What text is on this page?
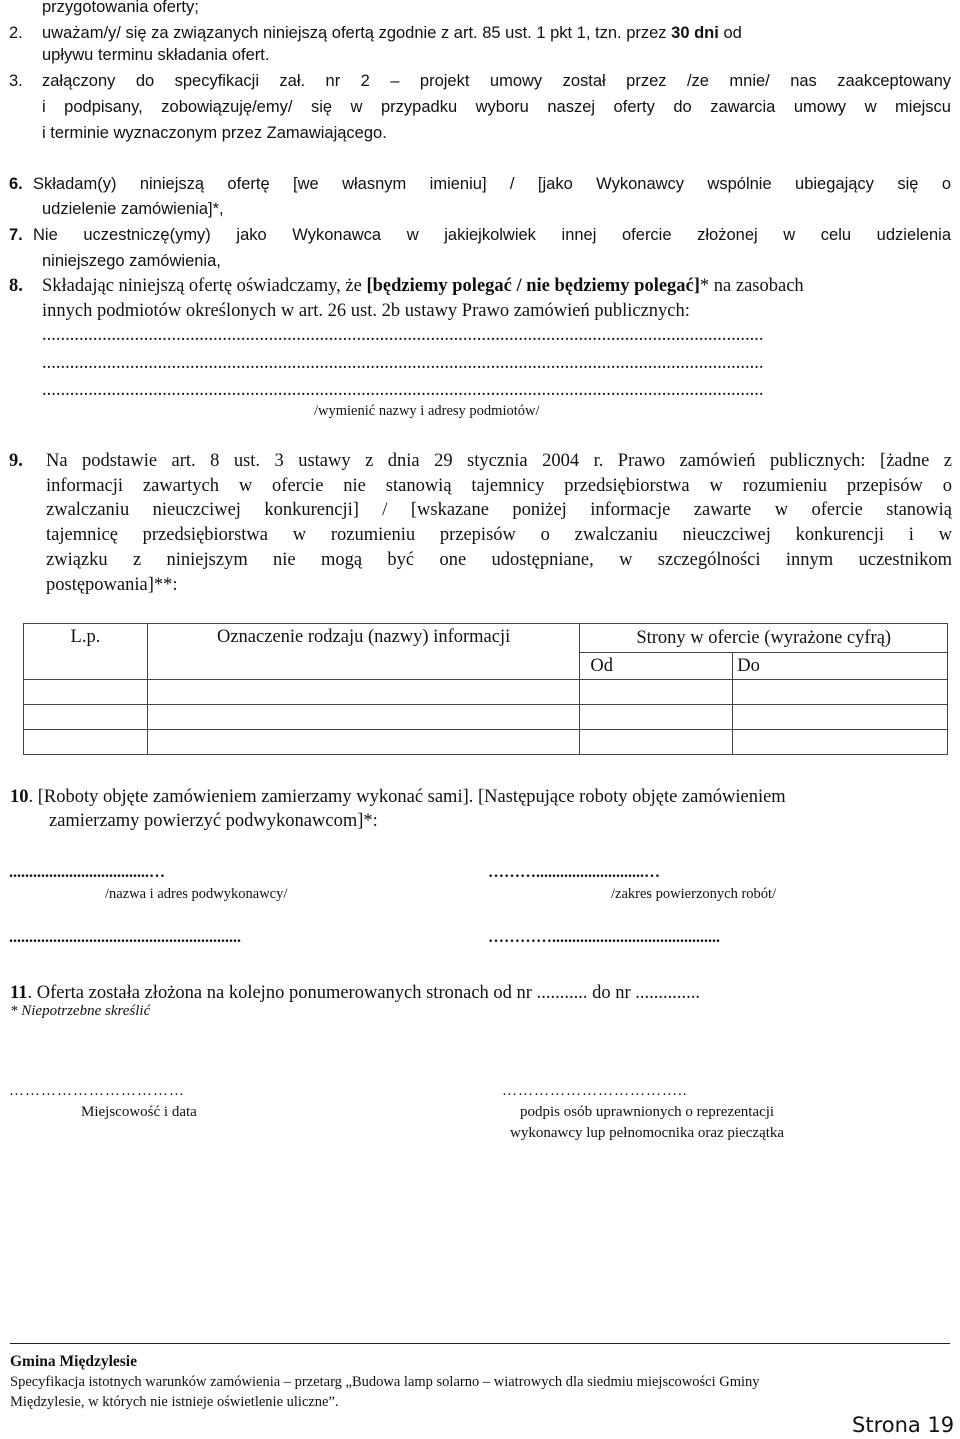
przygotowania oferty;
2.	uważam/y/ się za związanych niniejszą ofertą zgodnie z art. 85 ust. 1 pkt 1, tzn. przez 30 dni od
upływu terminu składania ofert.
3. załączony do specyfikacji zał. nr 2 – projekt umowy został przez /ze mnie/ nas zaakceptowany
i podpisany, zobowiązuję/emy/ się w przypadku wyboru naszej oferty do zawarcia umowy w miejscu
i terminie wyznaczonym przez Zamawiającego.
6. Składam(y) niniejszą ofertę [we własnym imieniu] / [jako Wykonawcy wspólnie ubiegający się o
udzielenie zamówienia]*,
7. Nie uczestniczę(ymy) jako Wykonawca w jakiejkolwiek innej ofercie złożonej w celu udzielenia
niniejszego zamówienia,
8. Składając niniejszą ofertę oświadczamy, że [będziemy polegać / nie będziemy polegać]* na zasobach
innych podmiotów określonych w art. 26 ust. 2b ustawy Prawo zamówień publicznych:
............................................................................................................................................................
............................................................................................................................................................
............................................................................................................................................................
/wymienić nazwy i adresy podmiotów/
9. Na podstawie art. 8 ust. 3 ustawy z dnia 29 stycznia 2004 r. Prawo zamówień publicznych: [żadne z
informacji zawartych w ofercie nie stanowią tajemnicy przedsiębiorstwa w rozumieniu przepisów o
zwalczaniu nieuczciwej konkurencji] / [wskazane poniżej informacje zawarte w ofercie stanowią
tajemnicę przedsiębiorstwa w rozumieniu przepisów o zwalczaniu nieuczciwej konkurencji i w
związku z niniejszym nie mogą być one udostępniane, w szczególności innym uczestnikom
postępowania]**:
L.p.	Oznaczenie rodzaju (nazwy) informacji	Strony w ofercie (wyrażone cyfrą)	
		Od	Do

10. [Roboty objęte zamówieniem zamierzamy wykonać sami]. [Następujące roboty objęte zamówieniem
zamierzamy powierzyć podwykonawcom]*:
...................................…	………...........................…
/nazwa i adres podwykonawcy/	/zakres powierzonych robót/
..........................................................	…………..........................................
11. Oferta została złożona na kolejno ponumerowanych stronach od nr ........... do nr ..............
* Niepotrzebne skreślić
……………………………	……………………………..
Miejscowość i data	podpis osób uprawnionych o reprezentacji
wykonawcy lup pełnomocnika oraz pieczątka
Gmina Międzylesie
Specyfikacja istotnych warunków zamówienia – przetarg „Budowa lamp solarno – wiatrowych dla siedmiu miejscowości Gminy
Międzylesie, w których nie istnieje oświetlenie uliczne”.
Strona 19
